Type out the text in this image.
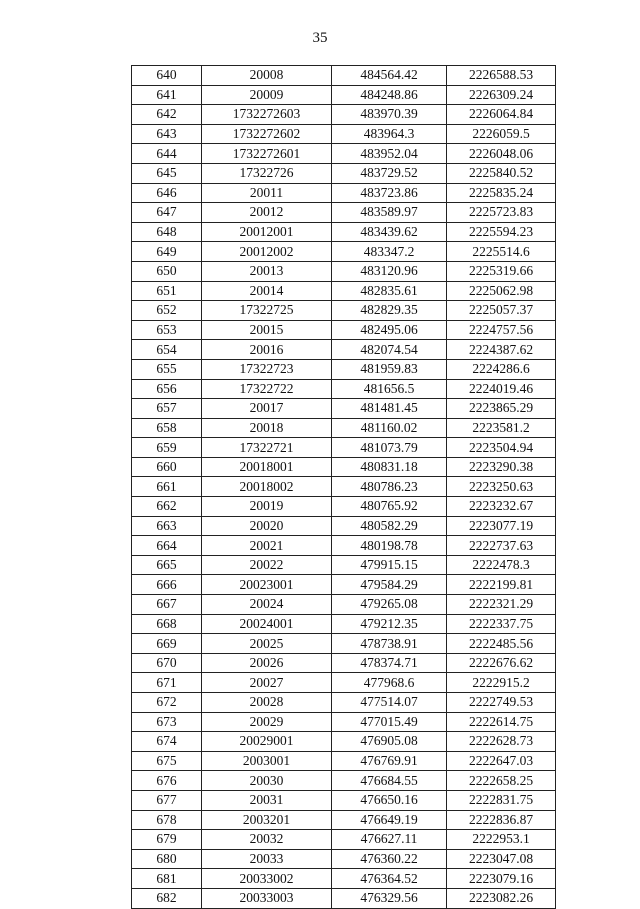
35
640	20008	484564.42	2226588.53
641	20009	484248.86	2226309.24
642	1732272603	483970.39	2226064.84
643	1732272602	483964.3	2226059.5
644	1732272601	483952.04	2226048.06
645	17322726	483729.52	2225840.52
646	20011	483723.86	2225835.24
647	20012	483589.97	2225723.83
648	20012001	483439.62	2225594.23
649	20012002	483347.2	2225514.6
650	20013	483120.96	2225319.66
651	20014	482835.61	2225062.98
652	17322725	482829.35	2225057.37
653	20015	482495.06	2224757.56
654	20016	482074.54	2224387.62
655	17322723	481959.83	2224286.6
656	17322722	481656.5	2224019.46
657	20017	481481.45	2223865.29
658	20018	481160.02	2223581.2
659	17322721	481073.79	2223504.94
660	20018001	480831.18	2223290.38
661	20018002	480786.23	2223250.63
662	20019	480765.92	2223232.67
663	20020	480582.29	2223077.19
664	20021	480198.78	2222737.63
665	20022	479915.15	2222478.3
666	20023001	479584.29	2222199.81
667	20024	479265.08	2222321.29
668	20024001	479212.35	2222337.75
669	20025	478738.91	2222485.56
670	20026	478374.71	2222676.62
671	20027	477968.6	2222915.2
672	20028	477514.07	2222749.53
673	20029	477015.49	2222614.75
674	20029001	476905.08	2222628.73
675	2003001	476769.91	2222647.03
676	20030	476684.55	2222658.25
677	20031	476650.16	2222831.75
678	2003201	476649.19	2222836.87
679	20032	476627.11	2222953.1
680	20033	476360.22	2223047.08
681	20033002	476364.52	2223079.16
682	20033003	476329.56	2223082.26
